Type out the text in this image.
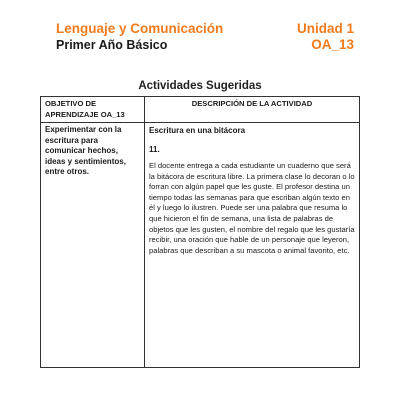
Lenguaje y Comunicación
Primer Año Básico
Unidad 1
OA_13
Actividades Sugeridas
OBJETIVO DE APRENDIZAJE OA_13	DESCRIPCIÓN DE LA ACTIVIDAD

Experimentar con la escritura para comunicar hechos, ideas y sentimientos, entre otros.	Escritura en una bitácora

11.

El docente entrega a cada estudiante un cuaderno que será la bitácora de escritura libre. La primera clase lo decoran o lo forran con algún papel que les guste. El profesor destina un tiempo todas las semanas para que escriban algún texto en él y luego lo ilustren. Puede ser una palabra que resuma lo que hicieron el fin de semana, una lista de palabras de objetos que les gusten, el nombre del regalo que les gustaría recibir, una oración que hable de un personaje que leyeron, palabras que describan a su mascota o animal favorito, etc.
